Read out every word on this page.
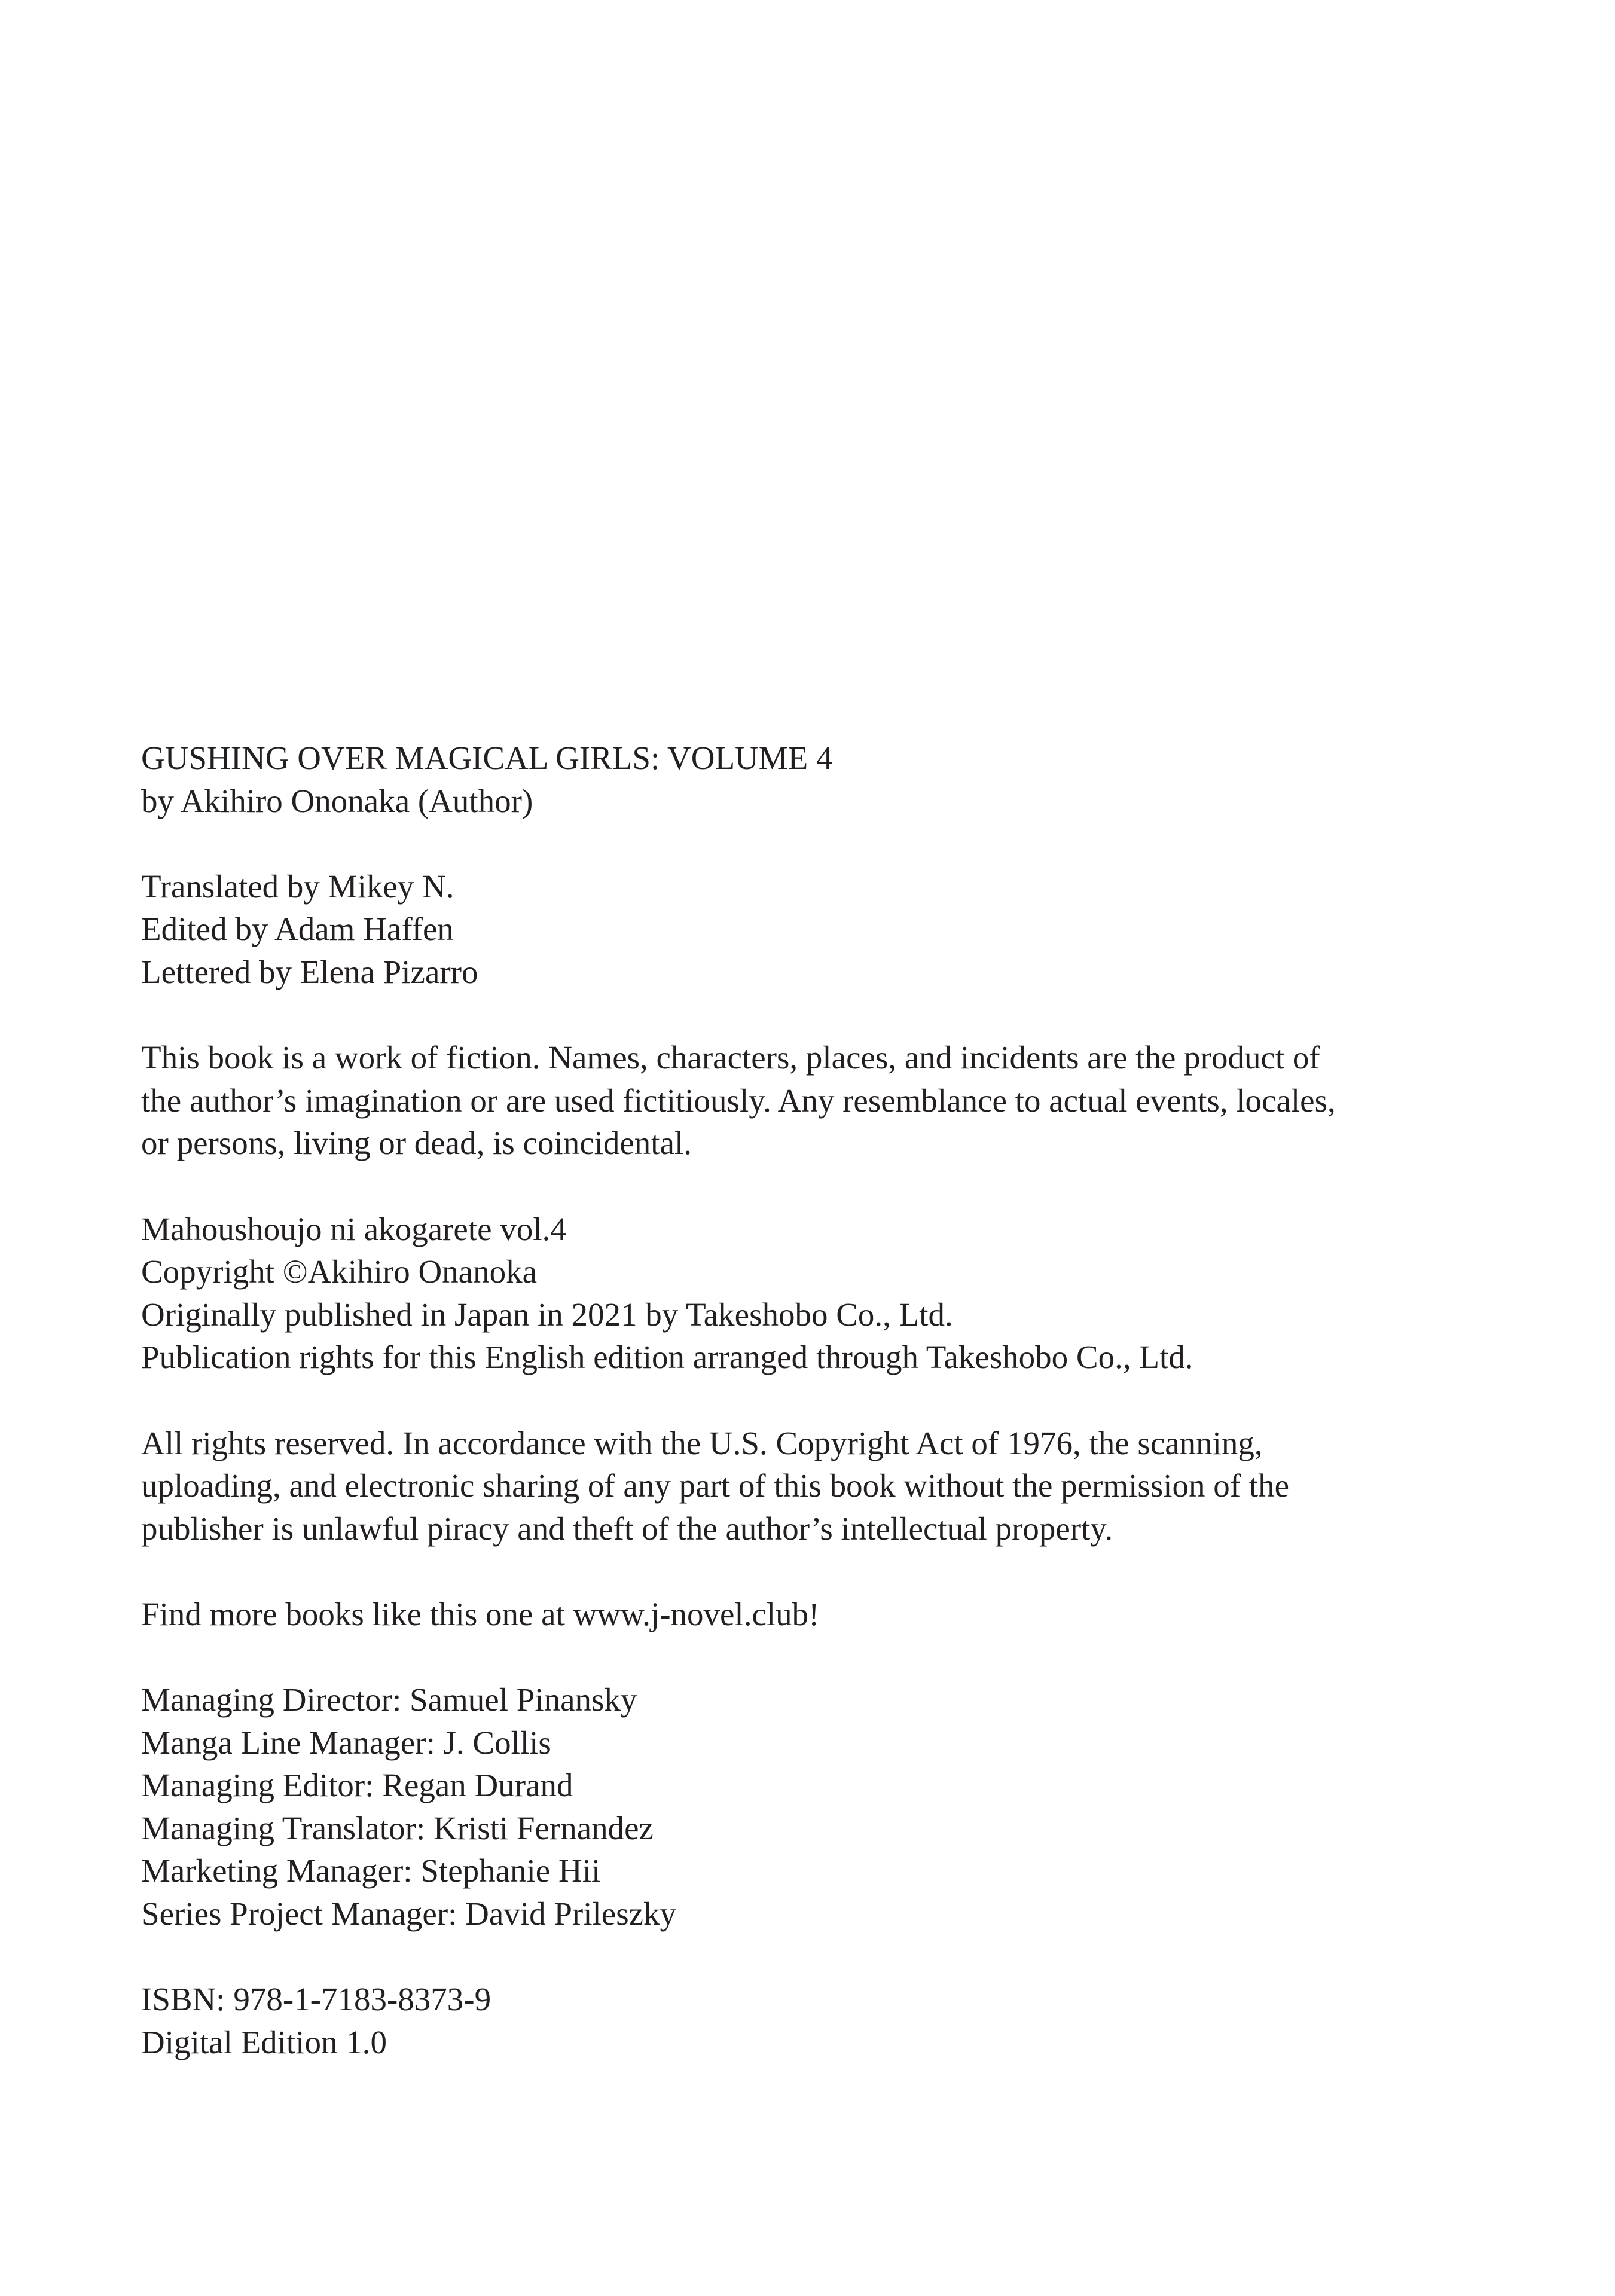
GUSHING OVER MAGICAL GIRLS: VOLUME 4
by Akihiro Ononaka (Author)
Translated by Mikey N.
Edited by Adam Haffen
Lettered by Elena Pizarro
This book is a work of fiction. Names, characters, places, and incidents are the product of
the author’s imagination or are used fictitiously. Any resemblance to actual events, locales,
or persons, living or dead, is coincidental.
Mahoushoujo ni akogarete vol.4
Copyright ©Akihiro Onanoka
Originally published in Japan in 2021 by Takeshobo Co., Ltd.
Publication rights for this English edition arranged through Takeshobo Co., Ltd.
All rights reserved. In accordance with the U.S. Copyright Act of 1976, the scanning,
uploading, and electronic sharing of any part of this book without the permission of the
publisher is unlawful piracy and theft of the author’s intellectual property.
Find more books like this one at www.j-novel.club!
Managing Director: Samuel Pinansky
Manga Line Manager: J. Collis
Managing Editor: Regan Durand
Managing Translator: Kristi Fernandez
Marketing Manager: Stephanie Hii
Series Project Manager: David Prileszky
ISBN: 978-1-7183-8373-9
Digital Edition 1.0
